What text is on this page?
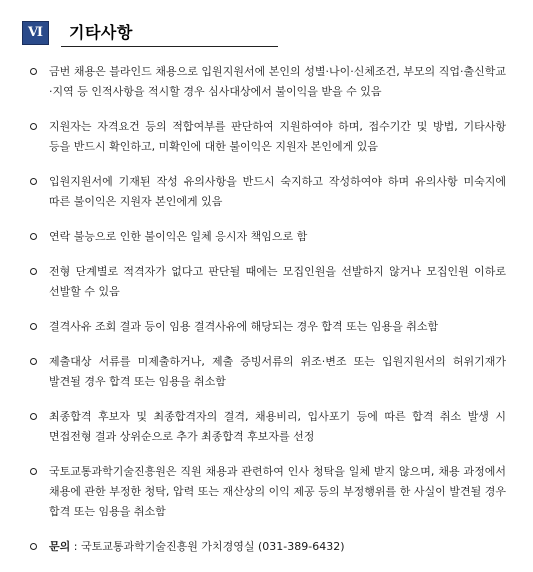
Ⅵ	기타사항
금번 채용은 블라인드 채용으로 입원지원서에 본인의 성별·나이·신체조건, 부모의 직업·출신학교·지역 등 인적사항을 적시할 경우 심사대상에서 불이익을 받을 수 있음
지원자는 자격요건 등의 적합여부를 판단하여 지원하여야 하며, 접수기간 및 방법, 기타사항 등을 반드시 확인하고, 미확인에 대한 불이익은 지원자 본인에게 있음
입원지원서에 기재된 작성 유의사항을 반드시 숙지하고 작성하여야 하며 유의사항 미숙지에 따른 불이익은 지원자 본인에게 있음
연락 불능으로 인한 불이익은 일체 응시자 책임으로 함
전형 단계별로 적격자가 없다고 판단될 때에는 모집인원을 선발하지 않거나 모집인원 이하로 선발할 수 있음
결격사유 조회 결과 등이 임용 결격사유에 해당되는 경우 합격 또는 임용을 취소함
제출대상 서류를 미제출하거나, 제출 증빙서류의 위조·변조 또는 입원지원서의 허위기재가 발견될 경우 합격 또는 임용을 취소함
최종합격 후보자 및 최종합격자의 결격, 채용비리, 입사포기 등에 따른 합격 취소 발생 시 면접전형 결과 상위순으로 추가 최종합격 후보자를 선정
국토교통과학기술진흥원은 직원 채용과 관련하여 인사 청탁을 일체 받지 않으며, 채용 과정에서 채용에 관한 부정한 청탁, 압력 또는 재산상의 이익 제공 등의 부정행위를 한 사실이 발견될 경우 합격 또는 임용을 취소함
문의 : 국토교통과학기술진흥원 가치경영실 (031-389-6432)
